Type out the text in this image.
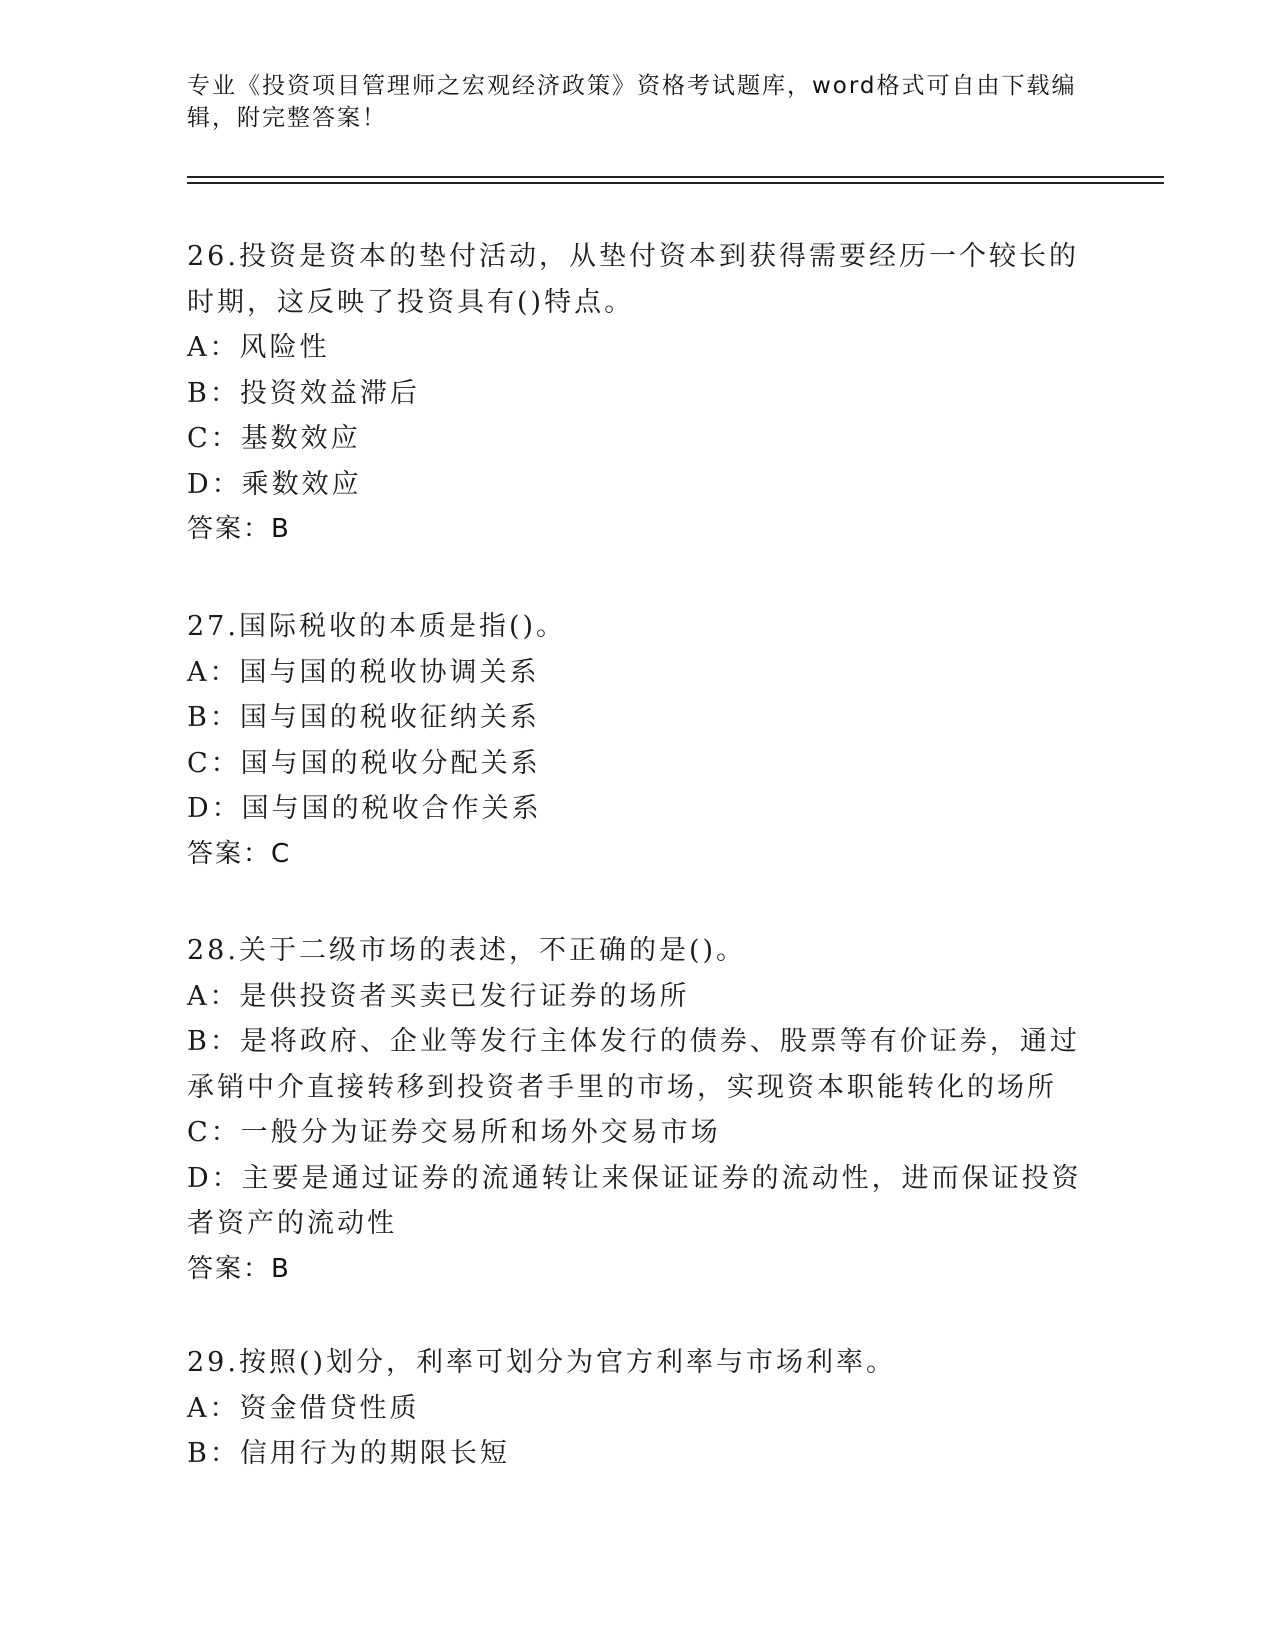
专业《投资项目管理师之宏观经济政策》资格考试题库，word格式可自由下载编辑，附完整答案！
26.投资是资本的垫付活动，从垫付资本到获得需要经历一个较长的时期，这反映了投资具有()特点。
A：风险性
B：投资效益滞后
C：基数效应
D：乘数效应
答案：B
27.国际税收的本质是指()。
A：国与国的税收协调关系
B：国与国的税收征纳关系
C：国与国的税收分配关系
D：国与国的税收合作关系
答案：C
28.关于二级市场的表述，不正确的是()。
A：是供投资者买卖已发行证券的场所
B：是将政府、企业等发行主体发行的债券、股票等有价证券，通过承销中介直接转移到投资者手里的市场，实现资本职能转化的场所
C：一般分为证券交易所和场外交易市场
D：主要是通过证券的流通转让来保证证券的流动性，进而保证投资者资产的流动性
答案：B
29.按照()划分，利率可划分为官方利率与市场利率。
A：资金借贷性质
B：信用行为的期限长短
